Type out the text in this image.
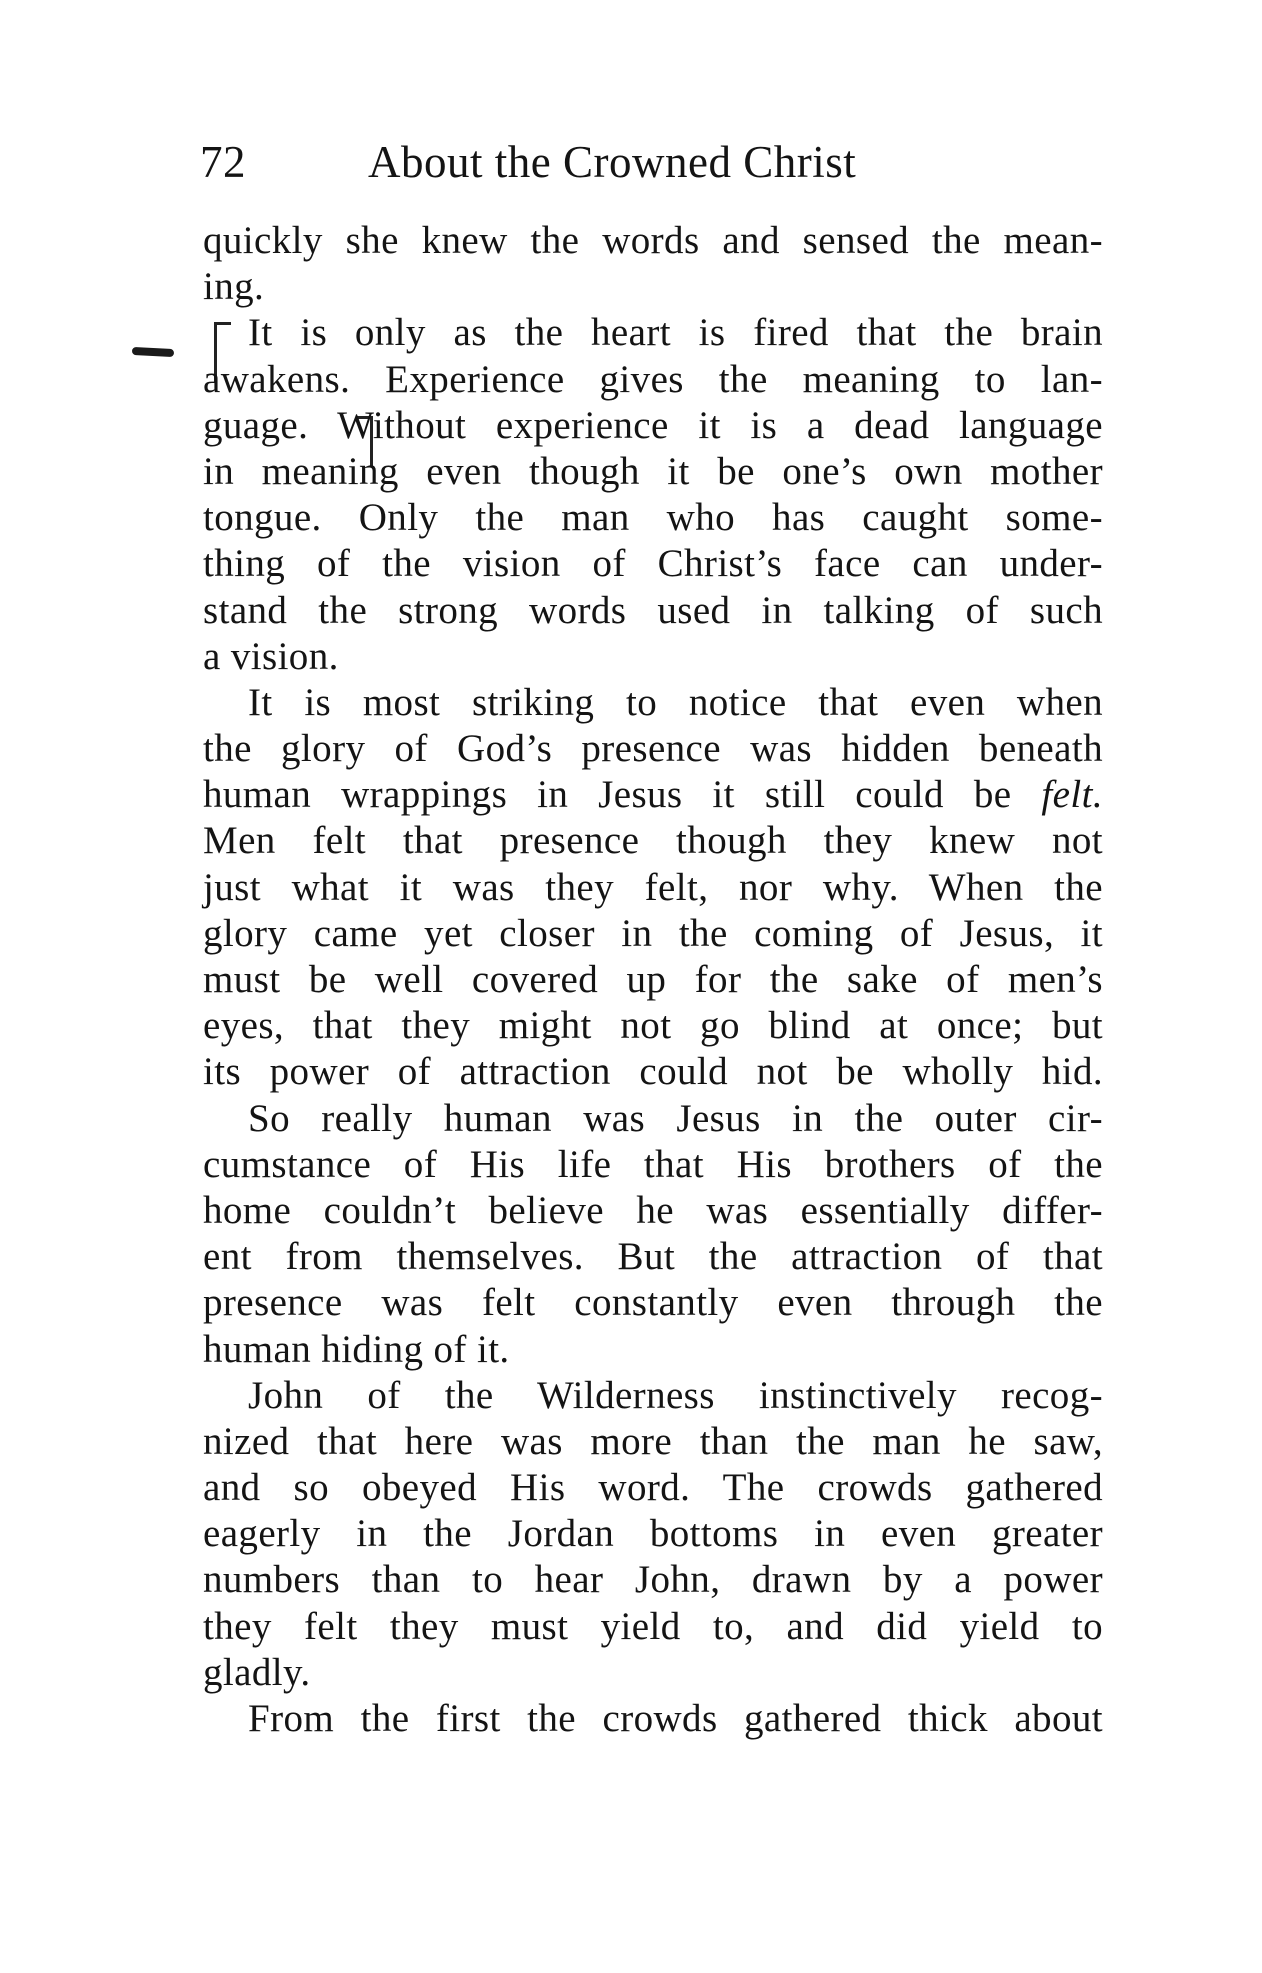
72	About the Crowned Christ
quickly she knew the words and sensed the mean-
ing.
It is only as the heart is fired that the brain
awakens. Experience gives the meaning to lan-
guage. Without experience it is a dead language
in meaning even though it be one’s own mother
tongue. Only the man who has caught some-
thing of the vision of Christ’s face can under-
stand the strong words used in talking of such
a vision.
It is most striking to notice that even when
the glory of God’s presence was hidden beneath
human wrappings in Jesus it still could be felt.
Men felt that presence though they knew not
just what it was they felt, nor why. When the
glory came yet closer in the coming of Jesus, it
must be well covered up for the sake of men’s
eyes, that they might not go blind at once; but
its power of attraction could not be wholly hid.
So really human was Jesus in the outer cir-
cumstance of His life that His brothers of the
home couldn’t believe he was essentially differ-
ent from themselves. But the attraction of that
presence was felt constantly even through the
human hiding of it.
John of the Wilderness instinctively recog-
nized that here was more than the man he saw,
and so obeyed His word. The crowds gathered
eagerly in the Jordan bottoms in even greater
numbers than to hear John, drawn by a power
they felt they must yield to, and did yield to
gladly.
From the first the crowds gathered thick about
